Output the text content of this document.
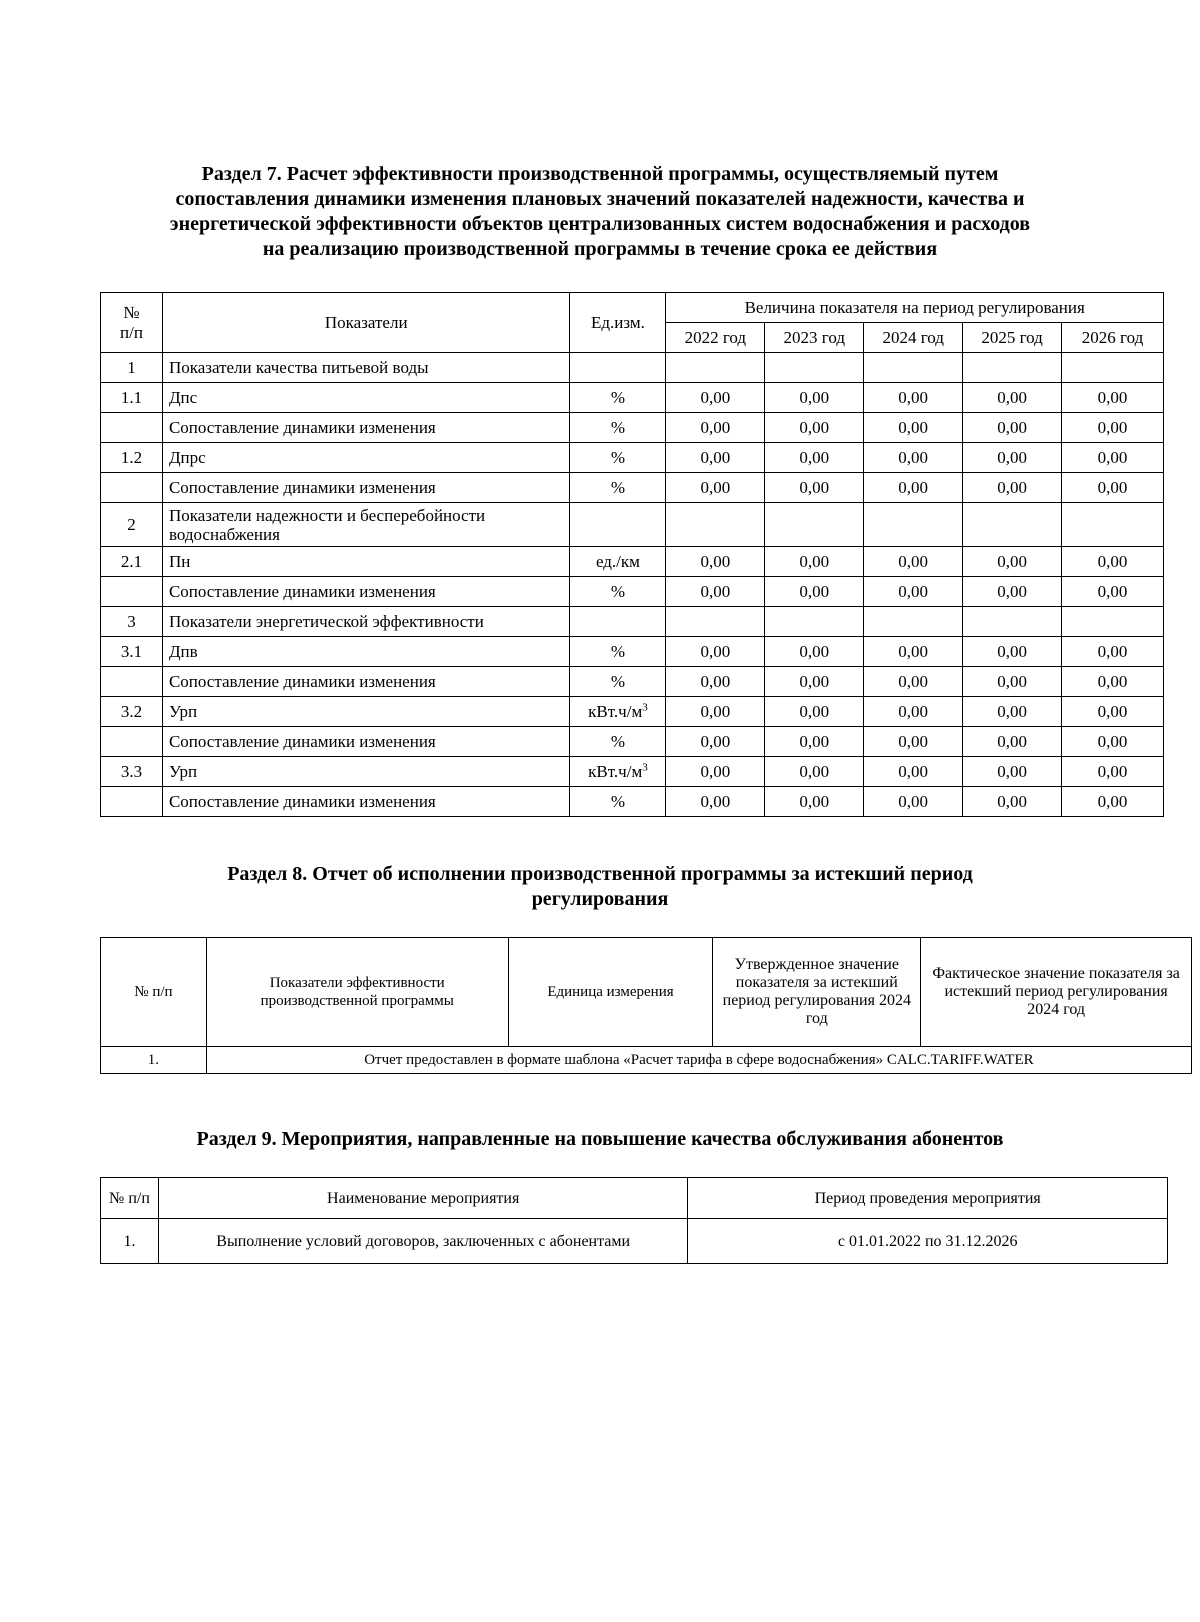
Раздел 7. Расчет эффективности производственной программы, осуществляемый путем
сопоставления динамики изменения плановых значений показателей надежности, качества и
энергетической эффективности объектов централизованных систем водоснабжения и расходов
на реализацию производственной программы в течение срока ее действия
№
п/п	Показатели	Ед.изм.	Величина показателя на период регулирования				
			2022 год	2023 год	2024 год	2025 год	2026 год
1	Показатели качества питьевой воды						
1.1	Дпс	%	0,00	0,00	0,00	0,00	0,00
	Сопоставление динамики изменения	%	0,00	0,00	0,00	0,00	0,00
1.2	Дпрс	%	0,00	0,00	0,00	0,00	0,00
	Сопоставление динамики изменения	%	0,00	0,00	0,00	0,00	0,00
2	Показатели надежности и бесперебойности водоснабжения						
2.1	Пн	ед./км	0,00	0,00	0,00	0,00	0,00
	Сопоставление динамики изменения	%	0,00	0,00	0,00	0,00	0,00
3	Показатели энергетической эффективности						
3.1	Дпв	%	0,00	0,00	0,00	0,00	0,00
	Сопоставление динамики изменения	%	0,00	0,00	0,00	0,00	0,00
3.2	Урп	$кВт.ч/м^3$	0,00	0,00	0,00	0,00	0,00
	Сопоставление динамики изменения	%	0,00	0,00	0,00	0,00	0,00
3.3	Урп	$кВт.ч/м^3$	0,00	0,00	0,00	0,00	0,00
	Сопоставление динамики изменения	%	0,00	0,00	0,00	0,00	0,00
Раздел 8. Отчет об исполнении производственной программы за истекший период
регулирования
№ п/п	Показатели эффективности производственной программы	Единица измерения	Утвержденное значение показателя за истекший период регулирования 2024 год	Фактическое значение показателя за истекший период регулирования 2024 год
1.	Отчет предоставлен в формате шаблона «Расчет тарифа в сфере водоснабжения» CALC.TARIFF.WATER			
Раздел 9. Мероприятия, направленные на повышение качества обслуживания абонентов
№ п/п	Наименование мероприятия	Период проведения мероприятия
1.	Выполнение условий договоров, заключенных с абонентами	с 01.01.2022 по 31.12.2026
